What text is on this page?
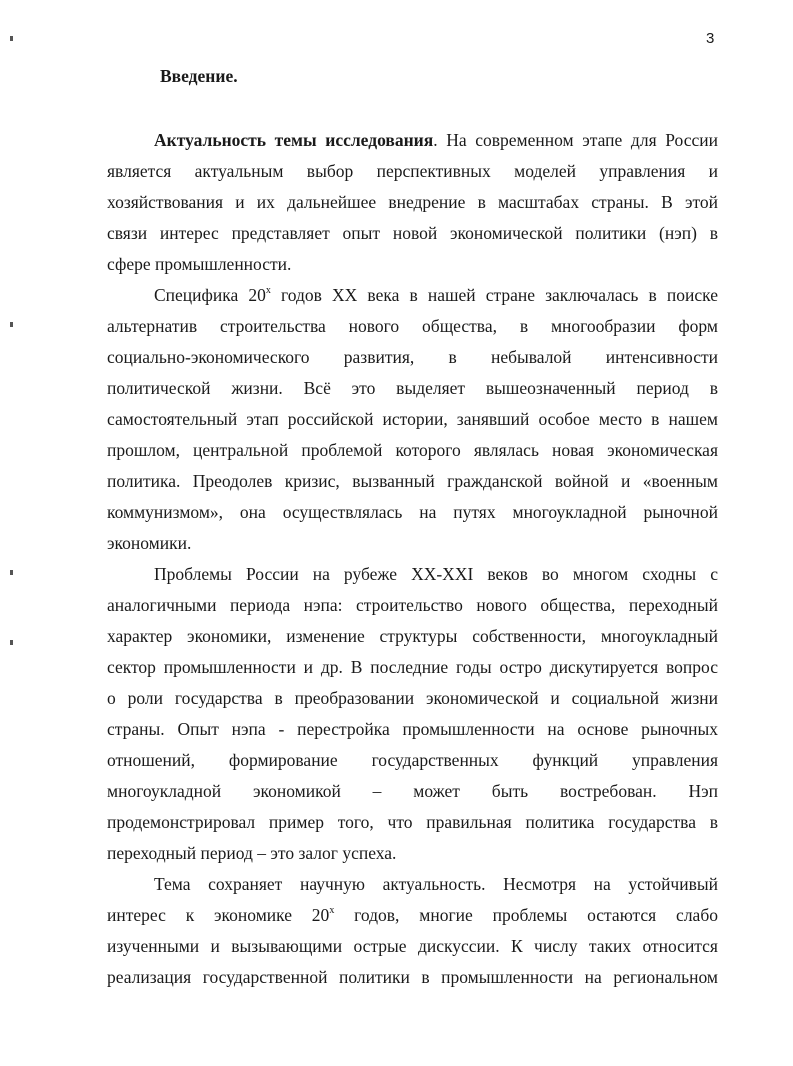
3
Введение.
Актуальность темы исследования. На современном этапе для России
является актуальным выбор перспективных моделей управления и
хозяйствования и их дальнейшее внедрение в масштабах страны. В этой
связи интерес представляет опыт новой экономической политики (нэп) в
сфере промышленности.
Специфика $20^х$ годов XX века в нашей стране заключалась в поиске
альтернатив строительства нового общества, в многообразии форм
социально-экономического развития, в небывалой интенсивности
политической жизни. Всё это выделяет вышеозначенный период в
самостоятельный этап российской истории, занявший особое место в нашем
прошлом, центральной проблемой которого являлась новая экономическая
политика. Преодолев кризис, вызванный гражданской войной и «военным
коммунизмом», она осуществлялась на путях многоукладной рыночной
экономики.
Проблемы России на рубеже XX-XXI веков во многом сходны с
аналогичными периода нэпа: строительство нового общества, переходный
характер экономики, изменение структуры собственности, многоукладный
сектор промышленности и др. В последние годы остро дискутируется вопрос
о роли государства в преобразовании экономической и социальной жизни
страны. Опыт нэпа - перестройка промышленности на основе рыночных
отношений, формирование государственных функций управления
многоукладной экономикой – может быть востребован. Нэп
продемонстрировал пример того, что правильная политика государства в
переходный период – это залог успеха.
Тема сохраняет научную актуальность. Несмотря на устойчивый
интерес к экономике $20^х$ годов, многие проблемы остаются слабо
изученными и вызывающими острые дискуссии. К числу таких относится
реализация государственной политики в промышленности на региональном
